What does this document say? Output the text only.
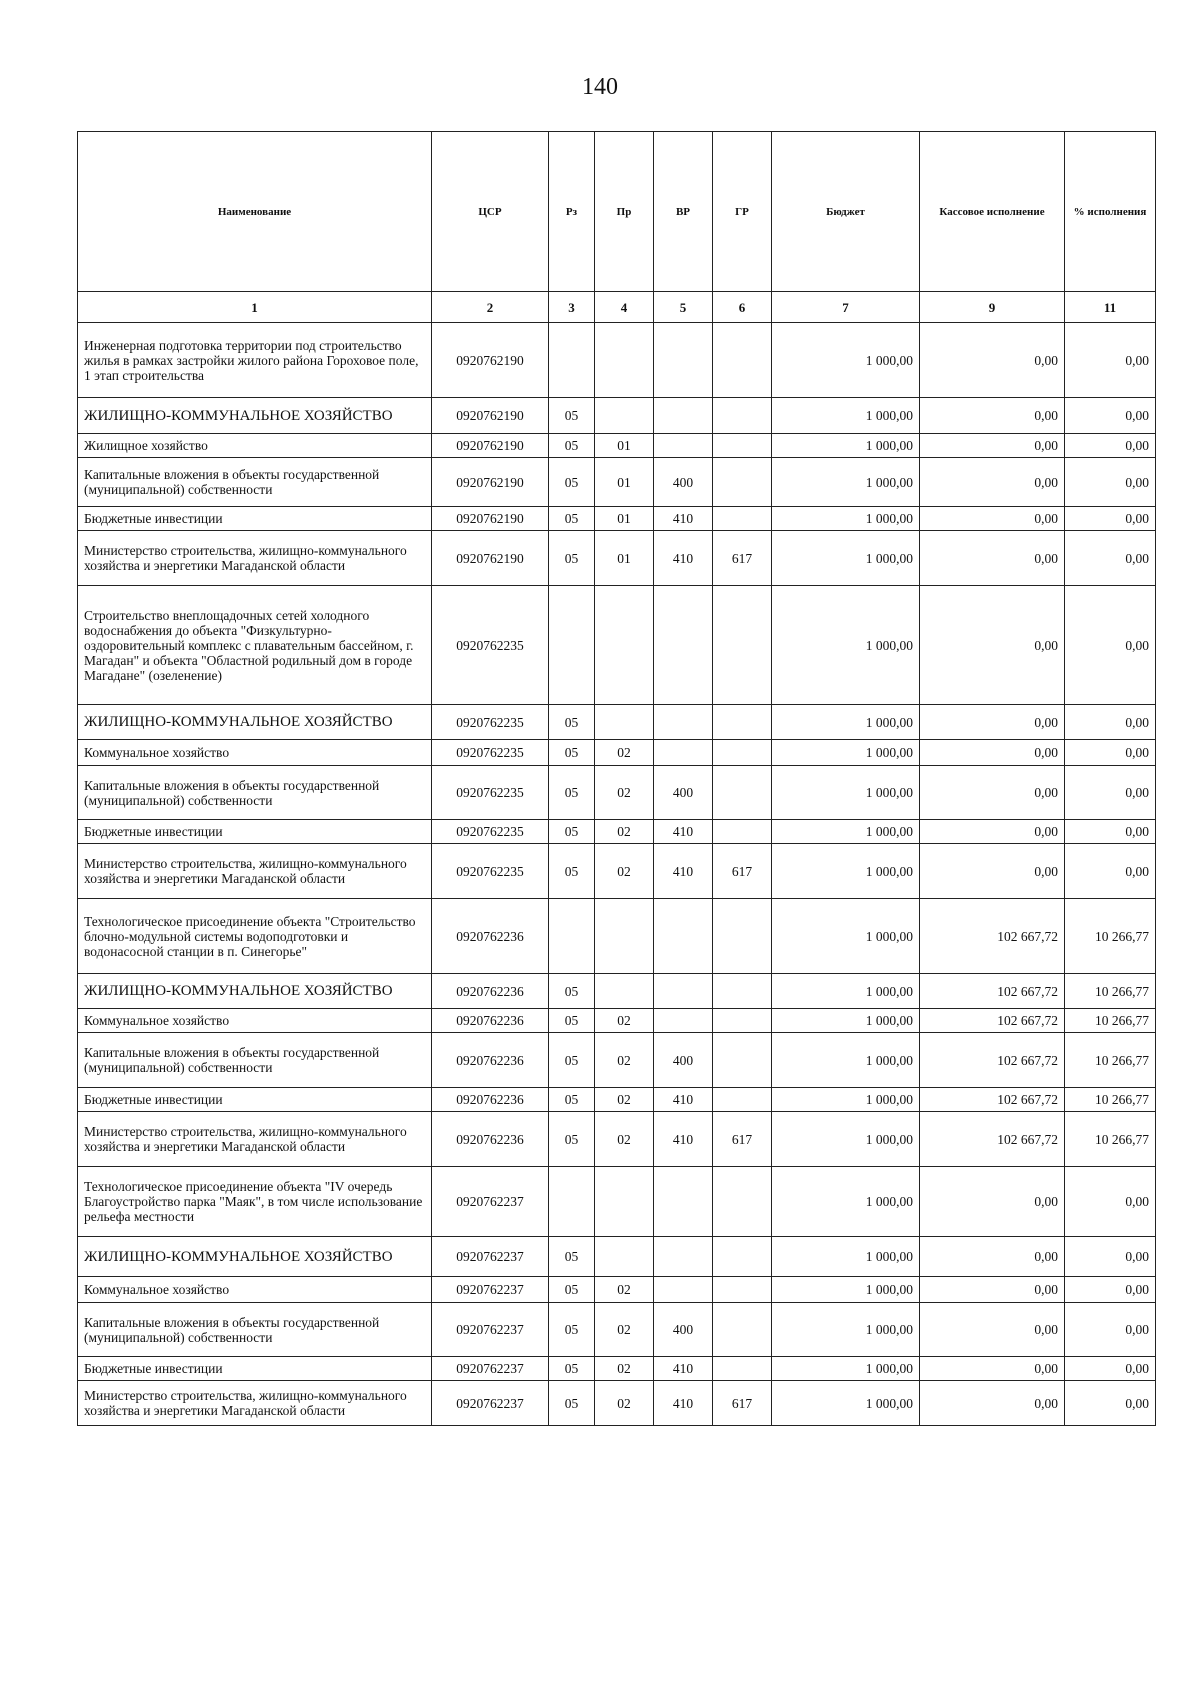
140
Наименование	ЦСР	Рз	Пр	ВР	ГР	Бюджет	Кассовое исполнение	% исполнения
1	2	3	4	5	6	7	9	11
Инженерная подготовка территории под строительство жилья в рамках застройки жилого района Гороховое поле, 1 этап строительства	0920762190					1 000,00	0,00	0,00
ЖИЛИЩНО-КОММУНАЛЬНОЕ ХОЗЯЙСТВО	0920762190	05				1 000,00	0,00	0,00
Жилищное хозяйство	0920762190	05	01			1 000,00	0,00	0,00
Капитальные вложения в объекты государственной (муниципальной) собственности	0920762190	05	01	400		1 000,00	0,00	0,00
Бюджетные инвестиции	0920762190	05	01	410		1 000,00	0,00	0,00
Министерство строительства, жилищно-коммунального хозяйства и энергетики Магаданской области	0920762190	05	01	410	617	1 000,00	0,00	0,00
Строительство внеплощадочных сетей холодного водоснабжения до объекта "Физкультурно-оздоровительный комплекс с плавательным бассейном, г. Магадан" и объекта "Областной родильный дом в городе Магадане" (озеленение)	0920762235					1 000,00	0,00	0,00
ЖИЛИЩНО-КОММУНАЛЬНОЕ ХОЗЯЙСТВО	0920762235	05				1 000,00	0,00	0,00
Коммунальное хозяйство	0920762235	05	02			1 000,00	0,00	0,00
Капитальные вложения в объекты государственной (муниципальной) собственности	0920762235	05	02	400		1 000,00	0,00	0,00
Бюджетные инвестиции	0920762235	05	02	410		1 000,00	0,00	0,00
Министерство строительства, жилищно-коммунального хозяйства и энергетики Магаданской области	0920762235	05	02	410	617	1 000,00	0,00	0,00
Технологическое присоединение объекта "Строительство блочно-модульной системы водоподготовки и водонасосной станции в п. Синегорье"	0920762236					1 000,00	102 667,72	10 266,77
ЖИЛИЩНО-КОММУНАЛЬНОЕ ХОЗЯЙСТВО	0920762236	05				1 000,00	102 667,72	10 266,77
Коммунальное хозяйство	0920762236	05	02			1 000,00	102 667,72	10 266,77
Капитальные вложения в объекты государственной (муниципальной) собственности	0920762236	05	02	400		1 000,00	102 667,72	10 266,77
Бюджетные инвестиции	0920762236	05	02	410		1 000,00	102 667,72	10 266,77
Министерство строительства, жилищно-коммунального хозяйства и энергетики Магаданской области	0920762236	05	02	410	617	1 000,00	102 667,72	10 266,77
Технологическое присоединение объекта "IV очередь Благоустройство парка "Маяк", в том числе использование рельефа местности	0920762237					1 000,00	0,00	0,00
ЖИЛИЩНО-КОММУНАЛЬНОЕ ХОЗЯЙСТВО	0920762237	05				1 000,00	0,00	0,00
Коммунальное хозяйство	0920762237	05	02			1 000,00	0,00	0,00
Капитальные вложения в объекты государственной (муниципальной) собственности	0920762237	05	02	400		1 000,00	0,00	0,00
Бюджетные инвестиции	0920762237	05	02	410		1 000,00	0,00	0,00
Министерство строительства, жилищно-коммунального хозяйства и энергетики Магаданской области	0920762237	05	02	410	617	1 000,00	0,00	0,00
